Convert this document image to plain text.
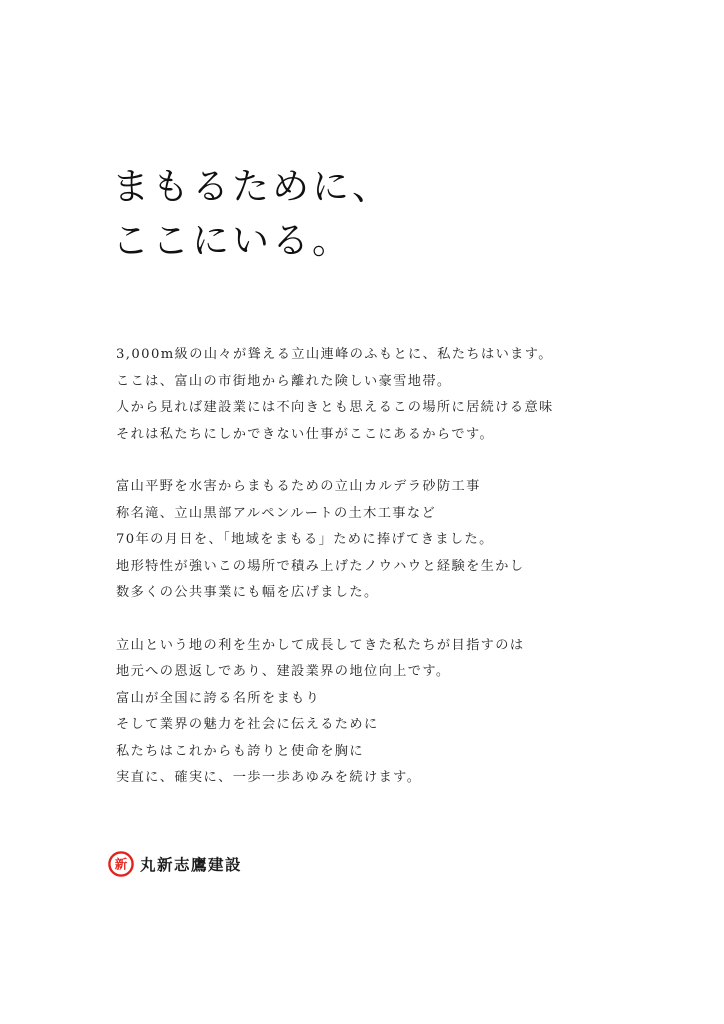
まもるために、
ここにいる。

3,000m級の山々が聳える立山連峰のふもとに、私たちはいます。
ここは、富山の市街地から離れた険しい豪雪地帯。
人から見れば建設業には不向きとも思えるこの場所に居続ける意味
それは私たちにしかできない仕事がここにあるからです。

富山平野を水害からまもるための立山カルデラ砂防工事
称名滝、立山黒部アルペンルートの土木工事など
70年の月日を、「地域をまもる」ために捧げてきました。
地形特性が強いこの場所で積み上げたノウハウと経験を生かし
数多くの公共事業にも幅を広げました。

立山という地の利を生かして成長してきた私たちが目指すのは
地元への恩返しであり、建設業界の地位向上です。
富山が全国に誇る名所をまもり
そして業界の魅力を社会に伝えるために
私たちはこれからも誇りと使命を胸に
実直に、確実に、一歩一歩あゆみを続けます。

新 丸新志鷹建設
